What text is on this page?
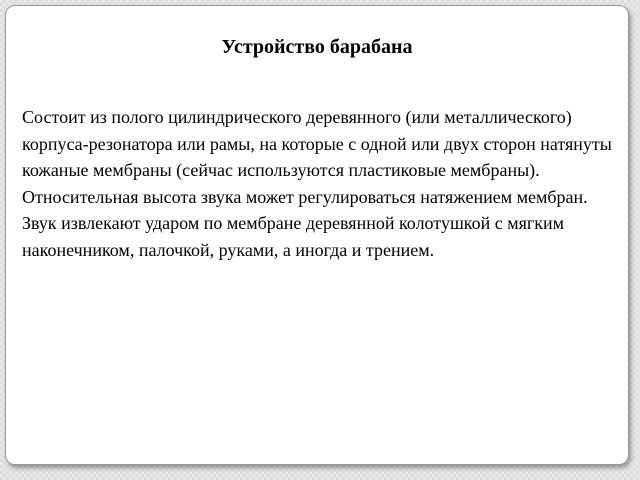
Устройство барабана

Состоит из полого цилиндрического деревянного (или металлического) корпуса-резонатора или рамы, на которые с одной или двух сторон натянуты кожаные мембраны (сейчас используются пластиковые мембраны). Относительная высота звука может регулироваться натяжением мембран. Звук извлекают ударом по мембране деревянной колотушкой с мягким наконечником, палочкой, руками, а иногда и трением.
